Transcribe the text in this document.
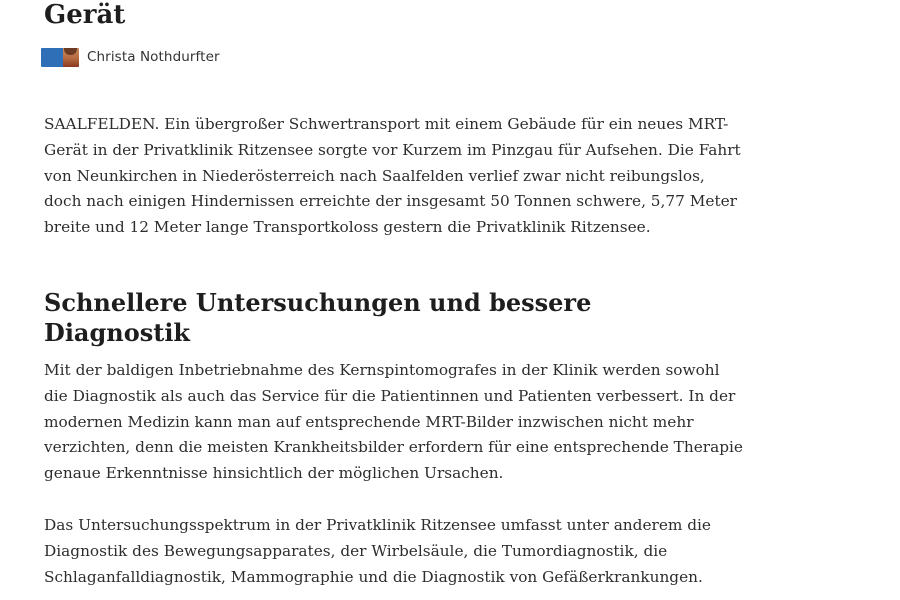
Gerät
Christa Nothdurfter

SAALFELDEN. Ein übergroßer Schwertransport mit einem Gebäude für ein neues MRT-Gerät in der Privatklinik Ritzensee sorgte vor Kurzem im Pinzgau für Aufsehen. Die Fahrt von Neunkirchen in Niederösterreich nach Saalfelden verlief zwar nicht reibungslos, doch nach einigen Hindernissen erreichte der insgesamt 50 Tonnen schwere, 5,77 Meter breite und 12 Meter lange Transportkoloss gestern die Privatklinik Ritzensee.

Schnellere Untersuchungen und bessere Diagnostik

Mit der baldigen Inbetriebnahme des Kernspintomografes in der Klinik werden sowohl die Diagnostik als auch das Service für die Patientinnen und Patienten verbessert. In der modernen Medizin kann man auf entsprechende MRT-Bilder inzwischen nicht mehr verzichten, denn die meisten Krankheitsbilder erfordern für eine entsprechende Therapie genaue Erkenntnisse hinsichtlich der möglichen Ursachen.

Das Untersuchungsspektrum in der Privatklinik Ritzensee umfasst unter anderem die Diagnostik des Bewegungsapparates, der Wirbelsäule, die Tumordiagnostik, die Schlaganfalldiagnostik, Mammographie und die Diagnostik von Gefäßerkrankungen.
